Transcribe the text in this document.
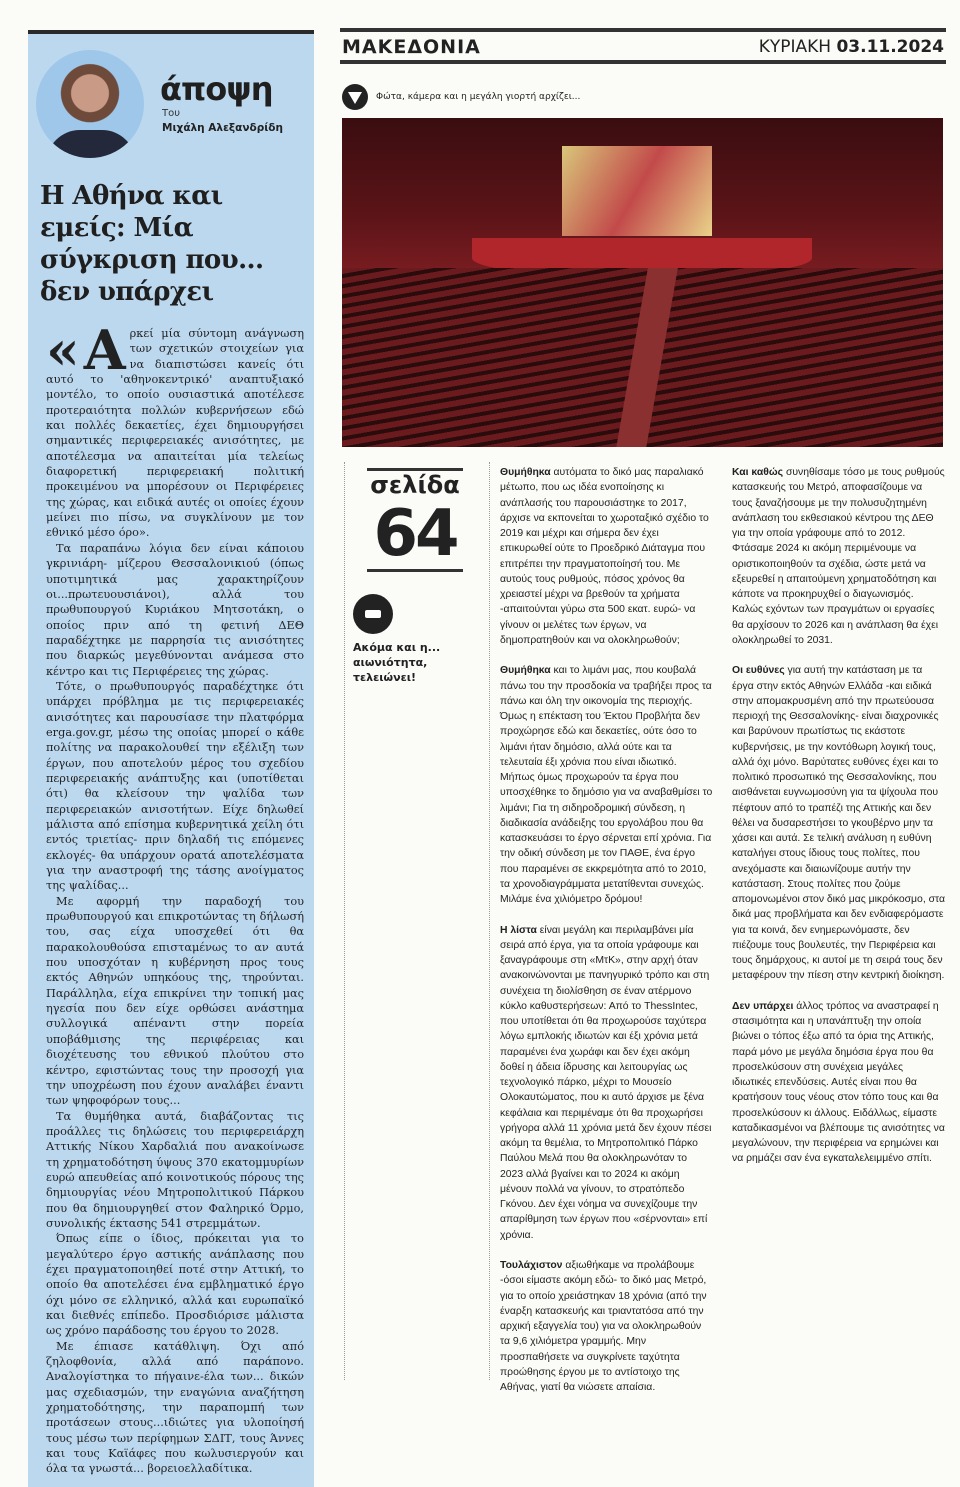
άποψη
Του
Μιχάλη Αλεξανδρίδη
Η Αθήνα και εμείς: Μία σύγκριση που... δεν υπάρχει

« Α ρκεί μία σύντομη ανάγνωση των σχετικών στοιχείων για να διαπιστώσει κανείς ότι αυτό το 'αθηνοκεντρικό' αναπτυξιακό μοντέλο, το οποίο ουσιαστικά αποτέλεσε προτεραιότητα πολλών κυβερνήσεων εδώ και πολλές δεκαετίες, έχει δημιουργήσει σημαντικές περιφερειακές ανισότητες, με αποτέλεσμα να απαιτείται μία τελείως διαφορετική περιφερειακή πολιτική προκειμένου να μπορέσουν οι Περιφέρειες της χώρας, και ειδικά αυτές οι οποίες έχουν μείνει πιο πίσω, να συγκλίνουν με τον εθνικό μέσο όρο».

Τα παραπάνω λόγια δεν είναι κάποιου γκρινιάρη- μίζερου Θεσσαλονικιού (όπως υποτιμητικά μας χαρακτηρίζουν οι...πρωτευουσιάνοι), αλλά του πρωθυπουργού Κυριάκου Μητσοτάκη, ο οποίος πριν από τη φετινή ΔΕΘ παραδέχτηκε με παρρησία τις ανισότητες που διαρκώς μεγεθύνονται ανάμεσα στο κέντρο και τις Περιφέρειες της χώρας.

Τότε, ο πρωθυπουργός παραδέχτηκε ότι υπάρχει πρόβλημα με τις περιφερειακές ανισότητες και παρουσίασε την πλατφόρμα erga.gov.gr, μέσω της οποίας μπορεί ο κάθε πολίτης να παρακολουθεί την εξέλιξη των έργων, που αποτελούν μέρος του σχεδίου περιφερειακής ανάπτυξης και (υποτίθεται ότι) θα κλείσουν την ψαλίδα των περιφερειακών ανισοτήτων. Είχε δηλωθεί μάλιστα από επίσημα κυβερνητικά χείλη ότι εντός τριετίας- πριν δηλαδή τις επόμενες εκλογές- θα υπάρχουν ορατά αποτελέσματα για την αναστροφή της τάσης ανοίγματος της ψαλίδας...

Με αφορμή την παραδοχή του πρωθυπουργού και επικροτώντας τη δήλωσή του, σας είχα υποσχεθεί ότι θα παρακολουθούσα επισταμένως το αν αυτά που υποσχόταν η κυβέρνηση προς τους εκτός Αθηνών υπηκόους της, τηρούνται. Παράλληλα, είχα επικρίνει την τοπική μας ηγεσία που δεν είχε ορθώσει ανάστημα συλλογικά απέναντι στην πορεία υποβάθμισης της περιφέρειας και διοχέτευσης του εθνικού πλούτου στο κέντρο, εφιστώντας τους την προσοχή για την υποχρέωση που έχουν αναλάβει έναντι των ψηφοφόρων τους...

Τα θυμήθηκα αυτά, διαβάζοντας τις προάλλες τις δηλώσεις του περιφερειάρχη Αττικής Νίκου Χαρδαλιά που ανακοίνωσε τη χρηματοδότηση ύψους 370 εκατομμυρίων ευρώ απευθείας από κοινοτικούς πόρους της δημιουργίας νέου Μητροπολιτικού Πάρκου που θα δημιουργηθεί στον Φαληρικό Όρμο, συνολικής έκτασης 541 στρεμμάτων.

Όπως είπε ο ίδιος, πρόκειται για το μεγαλύτερο έργο αστικής ανάπλασης που έχει πραγματοποιηθεί ποτέ στην Αττική, το οποίο θα αποτελέσει ένα εμβληματικό έργο όχι μόνο σε ελληνικό, αλλά και ευρωπαϊκό και διεθνές επίπεδο. Προσδιόρισε μάλιστα ως χρόνο παράδοσης του έργου το 2028.

Με έπιασε κατάθλιψη. Όχι από ζηλοφθονία, αλλά από παράπονο. Αναλογίστηκα το πήγαινε-έλα των... δικών μας σχεδιασμών, την εναγώνια αναζήτηση χρηματοδότησης, την παραπομπή των προτάσεων στους...ιδιώτες για υλοποίησή τους μέσω των περίφημων ΣΔΙΤ, τους Άννες και τους Καϊάφες που κωλυσιεργούν και όλα τα γνωστά... βορειοελλαδίτικα.

ΜΑΚΕΔΟΝΙΑ	ΚΥΡΙΑΚΗ 03.11.2024
Φώτα, κάμερα και η μεγάλη γιορτή αρχίζει...
σελίδα
64
Ακόμα και η... αιωνιότητα, τελειώνει!

Θυμήθηκα αυτόματα το δικό μας παραλιακό μέτωπο, που ως ιδέα ενοποίησης κι ανάπλασής του παρουσιάστηκε το 2017, άρχισε να εκπονείται το χωροταξικό σχέδιο το 2019 και μέχρι και σήμερα δεν έχει επικυρωθεί ούτε το Προεδρικό Διάταγμα που επιτρέπει την πραγματοποίησή του. Με αυτούς τους ρυθμούς, πόσος χρόνος θα χρειαστεί μέχρι να βρεθούν τα χρήματα -απαιτούνται γύρω στα 500 εκατ. ευρώ- να γίνουν οι μελέτες των έργων, να δημοπρατηθούν και να ολοκληρωθούν;

Θυμήθηκα και το λιμάνι μας, που κουβαλά πάνω του την προσδοκία να τραβήξει προς τα πάνω και όλη την οικονομία της περιοχής. Όμως η επέκταση του Έκτου Προβλήτα δεν προχώρησε εδώ και δεκαετίες, ούτε όσο το λιμάνι ήταν δημόσιο, αλλά ούτε και τα τελευταία έξι χρόνια που είναι ιδιωτικό. Μήπως όμως προχωρούν τα έργα που υποσχέθηκε το δημόσιο για να αναβαθμίσει το λιμάνι; Για τη σιδηροδρομική σύνδεση, η διαδικασία ανάδειξης του εργολάβου που θα κατασκευάσει το έργο σέρνεται επί χρόνια. Για την οδική σύνδεση με τον ΠΑΘΕ, ένα έργο που παραμένει σε εκκρεμότητα από το 2010, τα χρονοδιαγράμματα μετατίθενται συνεχώς. Μιλάμε ένα χιλιόμετρο δρόμου!

Η λίστα είναι μεγάλη και περιλαμβάνει μία σειρά από έργα, για τα οποία γράφουμε και ξαναγράφουμε στη «ΜτΚ», στην αρχή όταν ανακοινώνονται με πανηγυρικό τρόπο και στη συνέχεια τη διολίσθηση σε έναν ατέρμονο κύκλο καθυστερήσεων: Από το ThessIntec, που υποτίθεται ότι θα προχωρούσε ταχύτερα λόγω εμπλοκής ιδιωτών και έξι χρόνια μετά παραμένει ένα χωράφι και δεν έχει ακόμη δοθεί η άδεια ίδρυσης και λειτουργίας ως τεχνολογικό πάρκο, μέχρι το Μουσείο Ολοκαυτώματος, που κι αυτό άρχισε με ξένα κεφάλαια και περιμέναμε ότι θα προχωρήσει γρήγορα αλλά 11 χρόνια μετά δεν έχουν πέσει ακόμη τα θεμέλια, το Μητροπολιτικό Πάρκο Παύλου Μελά που θα ολοκληρωνόταν το 2023 αλλά βγαίνει και το 2024 κι ακόμη μένουν πολλά να γίνουν, το στρατόπεδο Γκόνου. Δεν έχει νόημα να συνεχίζουμε την απαρίθμηση των έργων που «σέρνονται» επί χρόνια.

Τουλάχιστον αξιωθήκαμε να προλάβουμε -όσοι είμαστε ακόμη εδώ- το δικό μας Μετρό, για το οποίο χρειάστηκαν 18 χρόνια (από την έναρξη κατασκευής και τριαντατόσα από την αρχική εξαγγελία του) για να ολοκληρωθούν τα 9,6 χιλιόμετρα γραμμής. Μην προσπαθήσετε να συγκρίνετε ταχύτητα προώθησης έργου με το αντίστοιχο της Αθήνας, γιατί θα νιώσετε απαίσια.

Και καθώς συνηθίσαμε τόσο με τους ρυθμούς κατασκευής του Μετρό, αποφασίζουμε να τους ξαναζήσουμε με την πολυσυζητημένη ανάπλαση του εκθεσιακού κέντρου της ΔΕΘ για την οποία γράφουμε από το 2012. Φτάσαμε 2024 κι ακόμη περιμένουμε να οριστικοποιηθούν τα σχέδια, ώστε μετά να εξευρεθεί η απαιτούμενη χρηματοδότηση και κάποτε να προκηρυχθεί ο διαγωνισμός. Καλώς εχόντων των πραγμάτων οι εργασίες θα αρχίσουν το 2026 και η ανάπλαση θα έχει ολοκληρωθεί το 2031.

Οι ευθύνες για αυτή την κατάσταση με τα έργα στην εκτός Αθηνών Ελλάδα -και ειδικά στην απομακρυσμένη από την πρωτεύουσα περιοχή της Θεσσαλονίκης- είναι διαχρονικές και βαρύνουν πρωτίστως τις εκάστοτε κυβερνήσεις, με την κοντόθωρη λογική τους, αλλά όχι μόνο. Βαρύτατες ευθύνες έχει και το πολιτικό προσωπικό της Θεσσαλονίκης, που αισθάνεται ευγνωμοσύνη για τα ψίχουλα που πέφτουν από το τραπέζι της Αττικής και δεν θέλει να δυσαρεστήσει το γκουβέρνο μην τα χάσει και αυτά. Σε τελική ανάλυση η ευθύνη καταλήγει στους ίδιους τους πολίτες, που ανεχόμαστε και διαιωνίζουμε αυτήν την κατάσταση. Στους πολίτες που ζούμε απομονωμένοι στον δικό μας μικρόκοσμο, στα δικά μας προβλήματα και δεν ενδιαφερόμαστε για τα κοινά, δεν ενημερωνόμαστε, δεν πιέζουμε τους βουλευτές, την Περιφέρεια και τους δημάρχους, κι αυτοί με τη σειρά τους δεν μεταφέρουν την πίεση στην κεντρική διοίκηση.

Δεν υπάρχει άλλος τρόπος να αναστραφεί η στασιμότητα και η υπανάπτυξη την οποία βιώνει ο τόπος έξω από τα όρια της Αττικής, παρά μόνο με μεγάλα δημόσια έργα που θα προσελκύσουν στη συνέχεια μεγάλες ιδιωτικές επενδύσεις. Αυτές είναι που θα κρατήσουν τους νέους στον τόπο τους και θα προσελκύσουν κι άλλους. Ειδάλλως, είμαστε καταδικασμένοι να βλέπουμε τις ανισότητες να μεγαλώνουν, την περιφέρεια να ερημώνει και να ρημάζει σαν ένα εγκαταλελειμμένο σπίτι.
